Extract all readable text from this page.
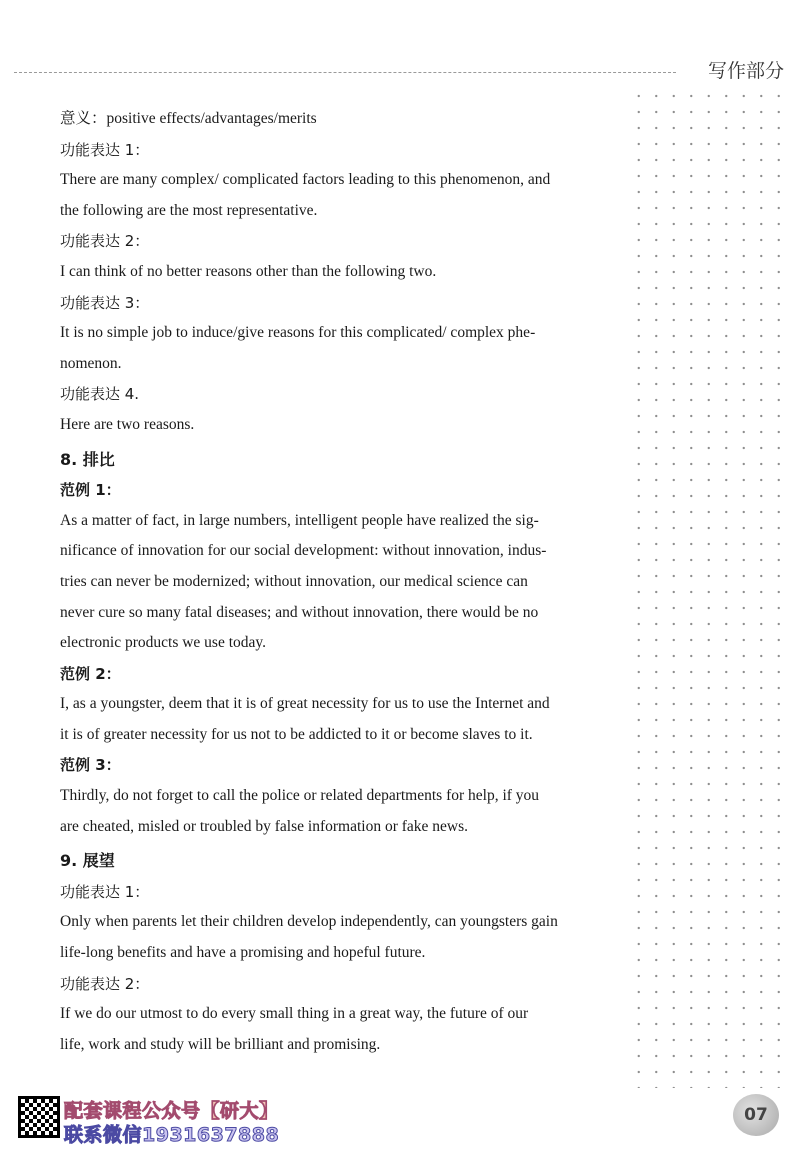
写作部分
意义：positive effects/advantages/merits
功能表达 1：
There are many complex/ complicated factors leading to this phenomenon, and
the following are the most representative.
功能表达 2：
I can think of no better reasons other than the following two.
功能表达 3：
It is no simple job to induce/give reasons for this complicated/ complex phe-
nomenon.
功能表达 4.
Here are two reasons.
8. 排比
范例 1：
As a matter of fact, in large numbers, intelligent people have realized the sig-
nificance of innovation for our social development: without innovation, indus-
tries can never be modernized; without innovation, our medical science can
never cure so many fatal diseases; and without innovation, there would be no
electronic products we use today.
范例 2：
I, as a youngster, deem that it is of great necessity for us to use the Internet and
it is of greater necessity for us not to be addicted to it or become slaves to it.
范例 3：
Thirdly, do not forget to call the police or related departments for help, if you
are cheated, misled or troubled by false information or fake news.
9. 展望
功能表达 1：
Only when parents let their children develop independently, can youngsters gain
life-long benefits and have a promising and hopeful future.
功能表达 2：
If we do our utmost to do every small thing in a great way, the future of our
life, work and study will be brilliant and promising.
配套课程公众号【研大】
联系微信1931637888
07
